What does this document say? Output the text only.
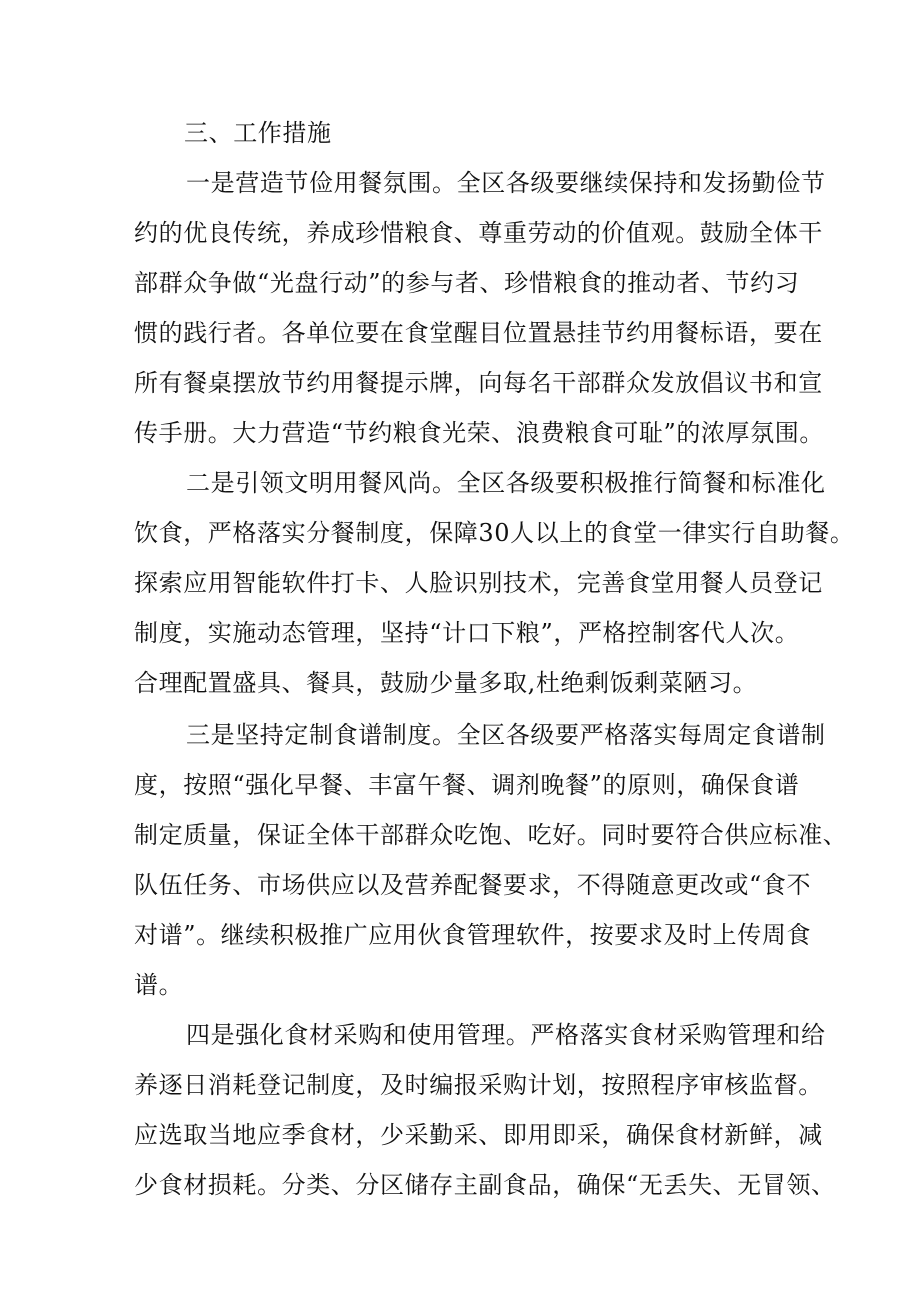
三、工作措施
一是营造节俭用餐氛围。全区各级要继续保持和发扬勤俭节
约的优良传统，养成珍惜粮食、尊重劳动的价值观。鼓励全体干
部群众争做“光盘行动”的参与者、珍惜粮食的推动者、节约习
惯的践行者。各单位要在食堂醒目位置悬挂节约用餐标语，要在
所有餐桌摆放节约用餐提示牌，向每名干部群众发放倡议书和宣
传手册。大力营造“节约粮食光荣、浪费粮食可耻”的浓厚氛围。
二是引领文明用餐风尚。全区各级要积极推行简餐和标准化
饮食，严格落实分餐制度，保障30人以上的食堂一律实行自助餐。
探索应用智能软件打卡、人脸识别技术，完善食堂用餐人员登记
制度，实施动态管理，坚持“计口下粮”，严格控制客代人次。
合理配置盛具、餐具，鼓励少量多取,杜绝剩饭剩菜陋习。
三是坚持定制食谱制度。全区各级要严格落实每周定食谱制
度，按照“强化早餐、丰富午餐、调剂晚餐”的原则，确保食谱
制定质量，保证全体干部群众吃饱、吃好。同时要符合供应标准、
队伍任务、市场供应以及营养配餐要求，不得随意更改或“食不
对谱”。继续积极推广应用伙食管理软件，按要求及时上传周食
谱。
四是强化食材采购和使用管理。严格落实食材采购管理和给
养逐日消耗登记制度，及时编报采购计划，按照程序审核监督。
应选取当地应季食材，少采勤采、即用即采，确保食材新鲜，减
少食材损耗。分类、分区储存主副食品，确保“无丢失、无冒领、
